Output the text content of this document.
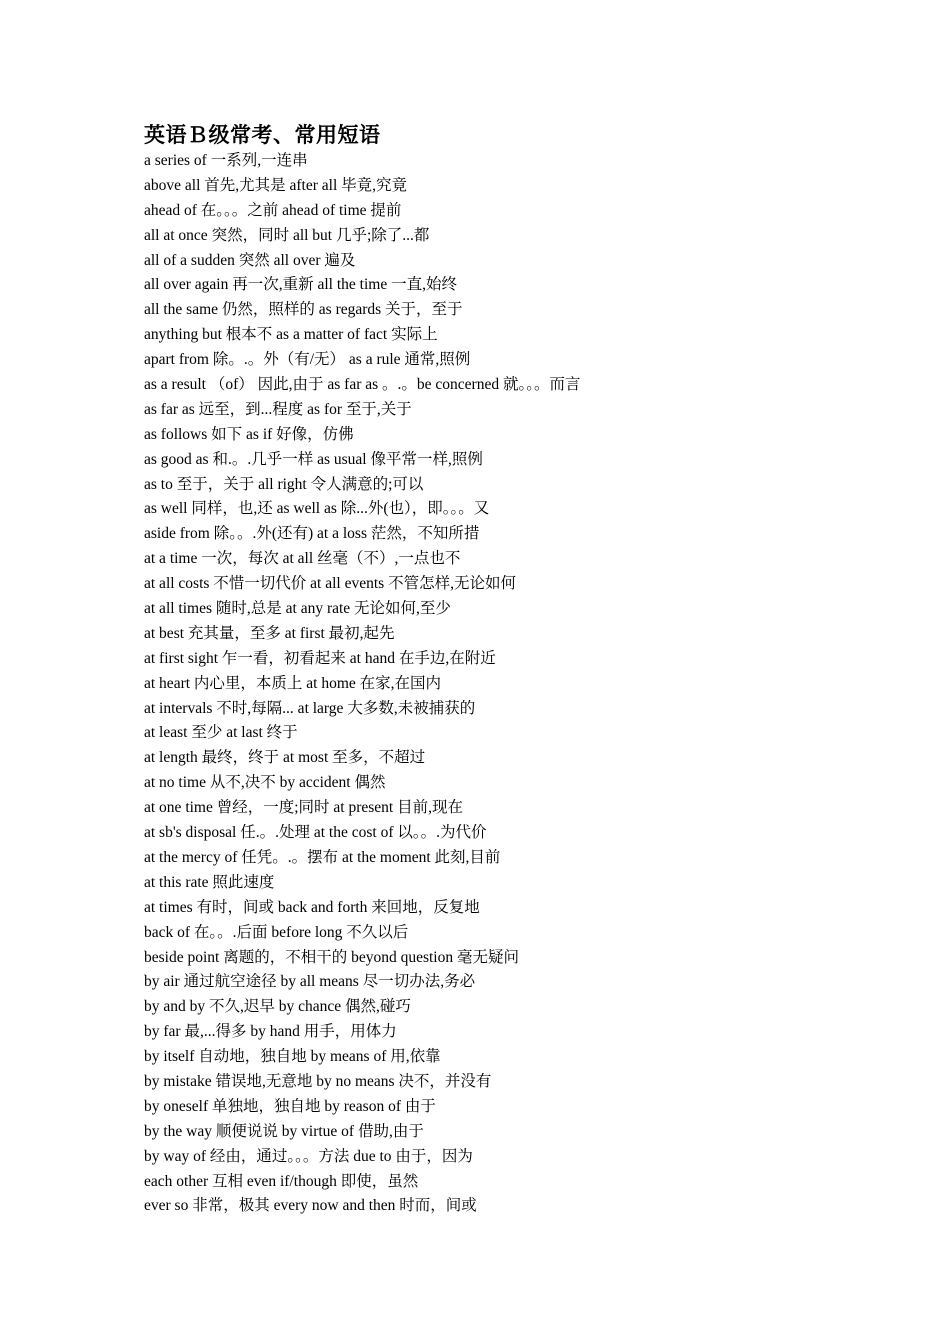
英语Ｂ级常考、常用短语
a series of 一系列,一连串
above all 首先,尤其是 after all 毕竟,究竟
ahead of 在。。。之前 ahead of time 提前
all at once 突然，同时 all but 几乎;除了...都
all of a sudden 突然 all over 遍及
all over again 再一次,重新 all the time 一直,始终
all the same 仍然，照样的 as regards 关于，至于
anything but 根本不 as a matter of fact 实际上
apart from 除。.。外（有/无） as a rule 通常,照例
as a result （of） 因此,由于 as far as 。.。be concerned 就。。。而言
as far as 远至，到...程度 as for 至于,关于
as follows 如下 as if 好像，仿佛
as good as 和.。.几乎一样 as usual 像平常一样,照例
as to 至于，关于 all right 令人满意的;可以
as well 同样，也,还 as well as 除...外(也），即。。。又
aside from 除。。.外(还有) at a loss 茫然，不知所措
at a time 一次，每次 at all 丝毫（不）,一点也不
at all costs 不惜一切代价 at all events 不管怎样,无论如何
at all times 随时,总是 at any rate 无论如何,至少
at best 充其量，至多 at first 最初,起先
at first sight 乍一看，初看起来 at hand 在手边,在附近
at heart 内心里，本质上 at home 在家,在国内
at intervals 不时,每隔... at large 大多数,未被捕获的
at least 至少 at last 终于
at length 最终，终于 at most 至多，不超过
at no time 从不,决不 by accident 偶然
at one time 曾经，一度;同时 at present 目前,现在
at sb's disposal 任.。.处理 at the cost of 以。。.为代价
at the mercy of 任凭。.。摆布 at the moment 此刻,目前
at this rate 照此速度
at times 有时，间或 back and forth 来回地，反复地
back of 在。。.后面 before long 不久以后
beside point 离题的，不相干的 beyond question 毫无疑问
by air 通过航空途径 by all means 尽一切办法,务必
by and by 不久,迟早 by chance 偶然,碰巧
by far 最,...得多 by hand 用手，用体力
by itself 自动地，独自地 by means of 用,依靠
by mistake 错误地,无意地 by no means 决不，并没有
by oneself 单独地，独自地 by reason of 由于
by the way 顺便说说 by virtue of 借助,由于
by way of 经由，通过。。。方法 due to 由于，因为
each other 互相 even if/though 即使，虽然
ever so 非常，极其 every now and then 时而，间或
